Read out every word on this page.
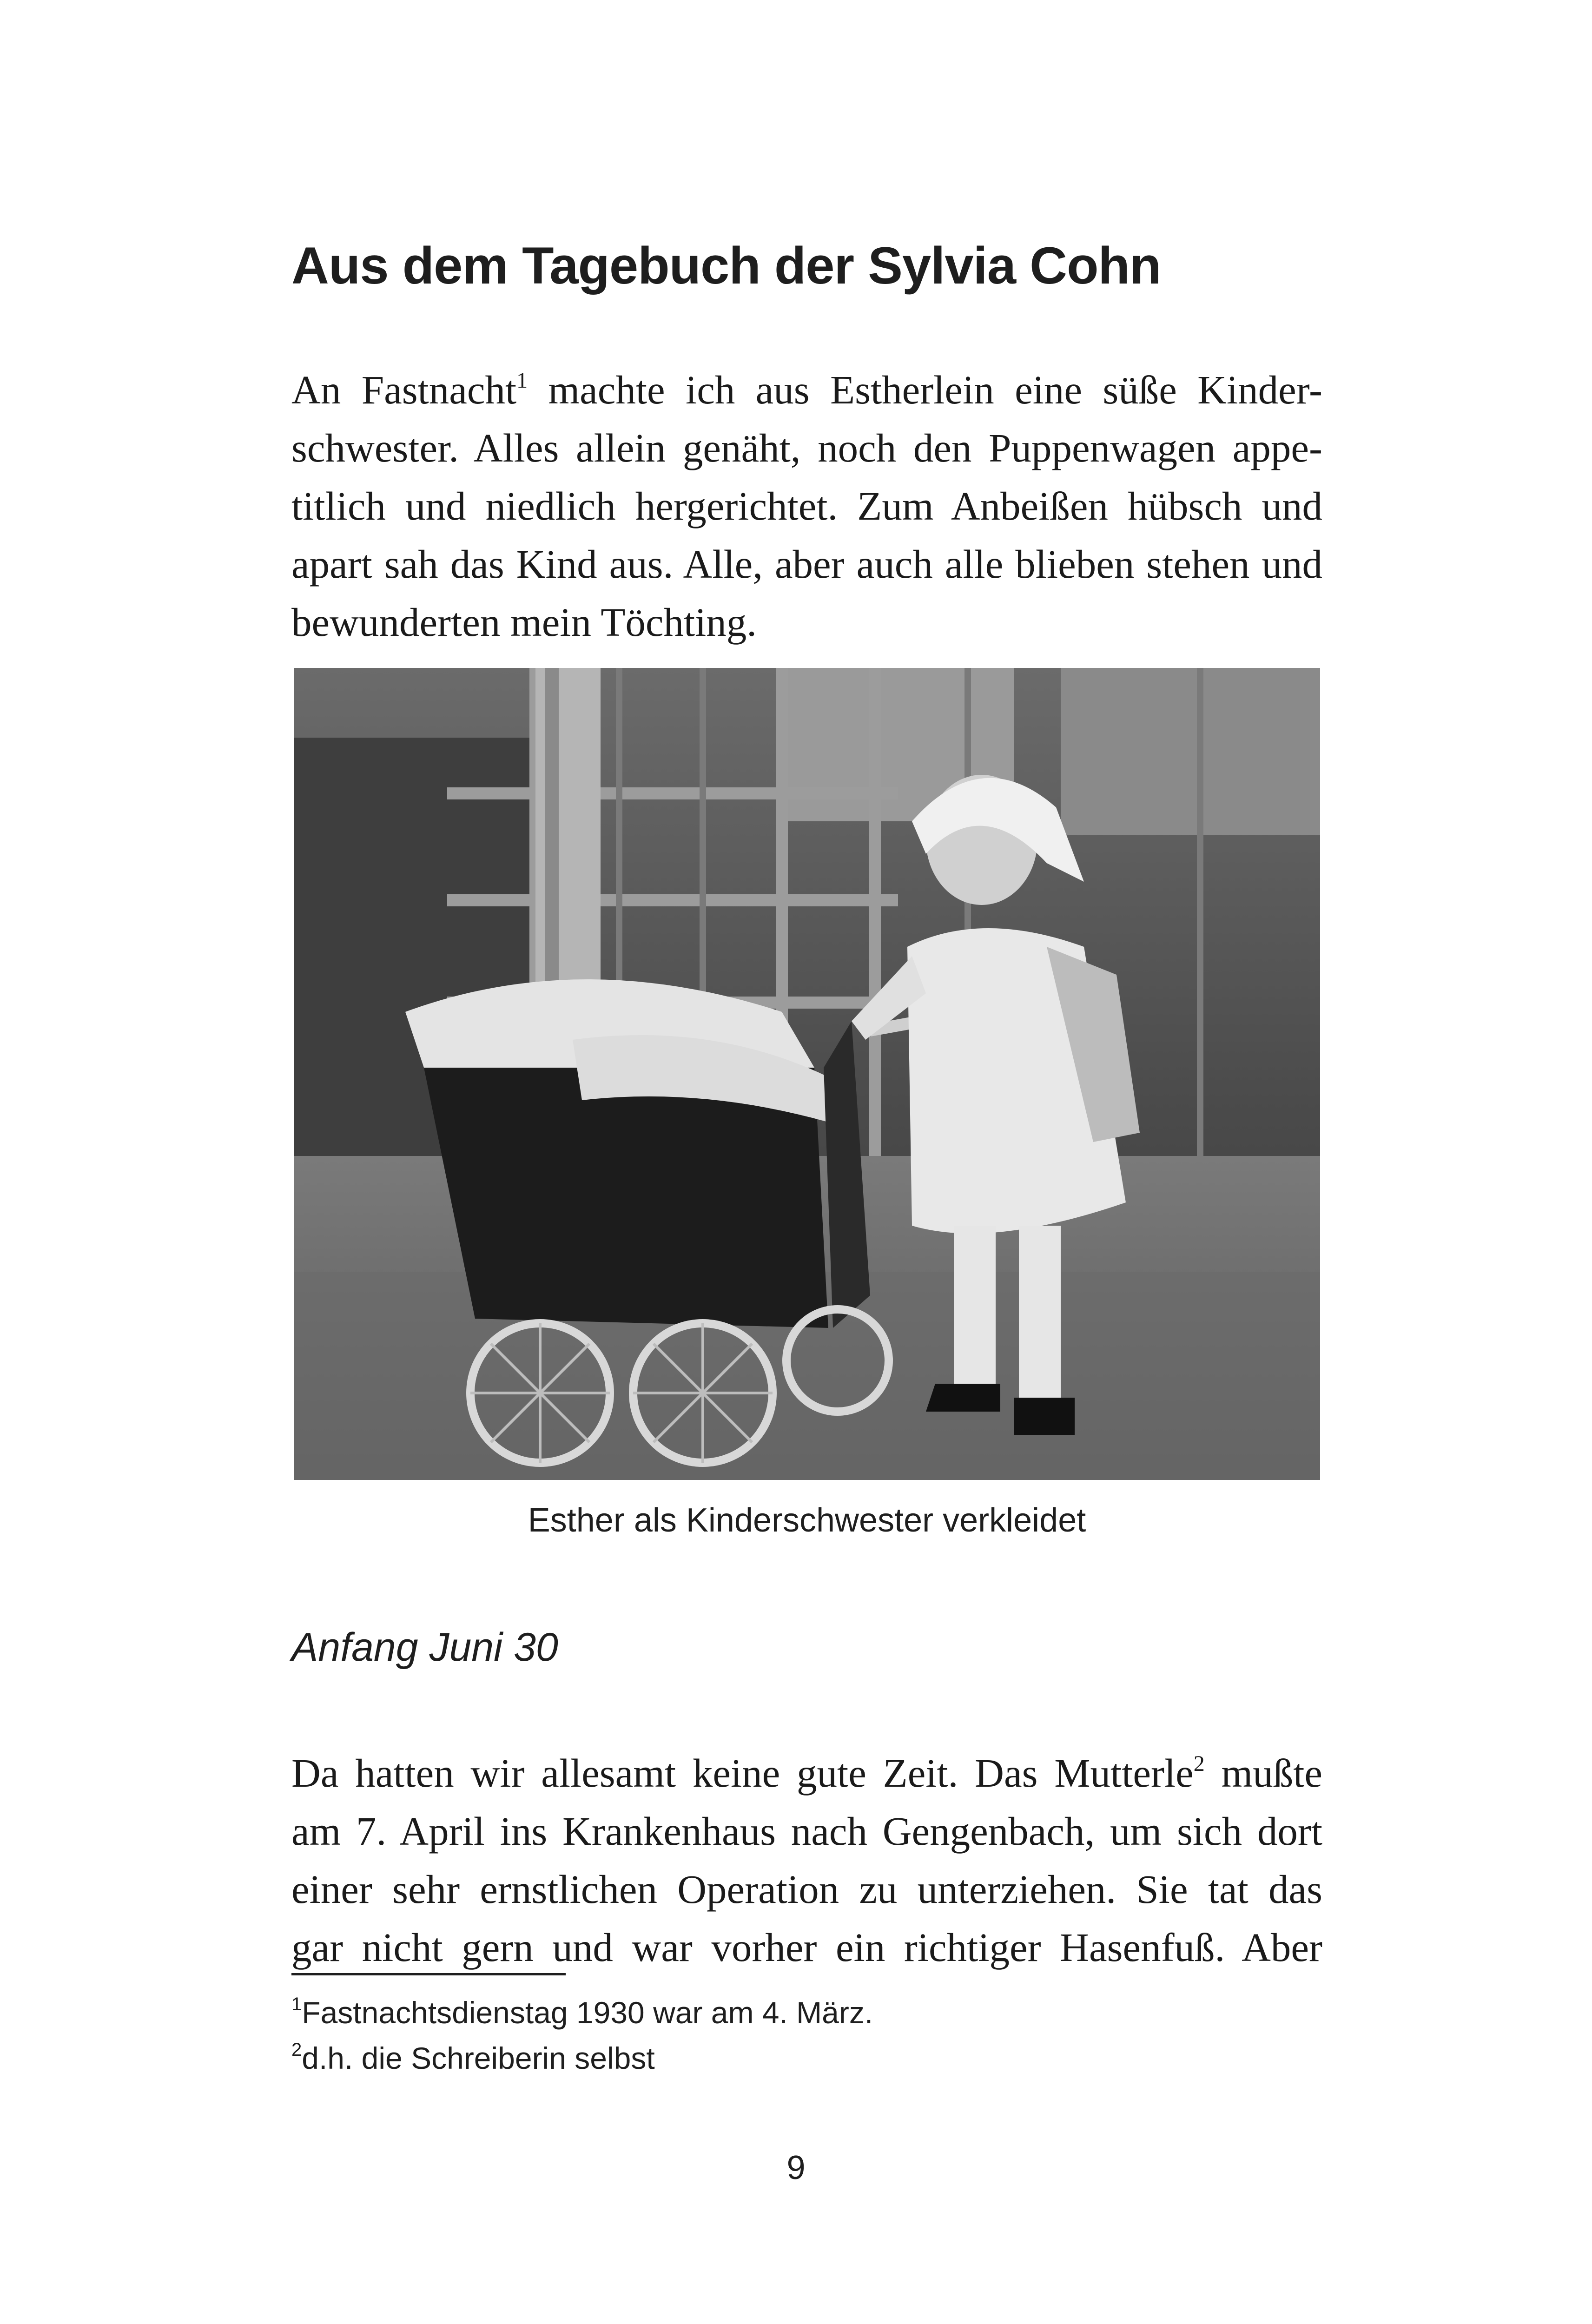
Aus dem Tagebuch der Sylvia Cohn
An Fastnacht$^1$ machte ich aus Estherlein eine süße Kinder-
schwester. Alles allein genäht, noch den Puppenwagen appe-
titlich und niedlich hergerichtet. Zum Anbeißen hübsch und
apart sah das Kind aus. Alle, aber auch alle blieben stehen und
bewunderten mein Töchting.
Esther als Kinderschwester verkleidet
Anfang Juni 30
Da hatten wir allesamt keine gute Zeit. Das Mutterle$^2$ mußte
am 7. April ins Krankenhaus nach Gengenbach, um sich dort
einer sehr ernstlichen Operation zu unterziehen. Sie tat das
gar nicht gern und war vorher ein richtiger Hasenfuß. Aber
$^1$Fastnachtsdienstag 1930 war am 4. März.
$^2$d.h. die Schreiberin selbst
9
